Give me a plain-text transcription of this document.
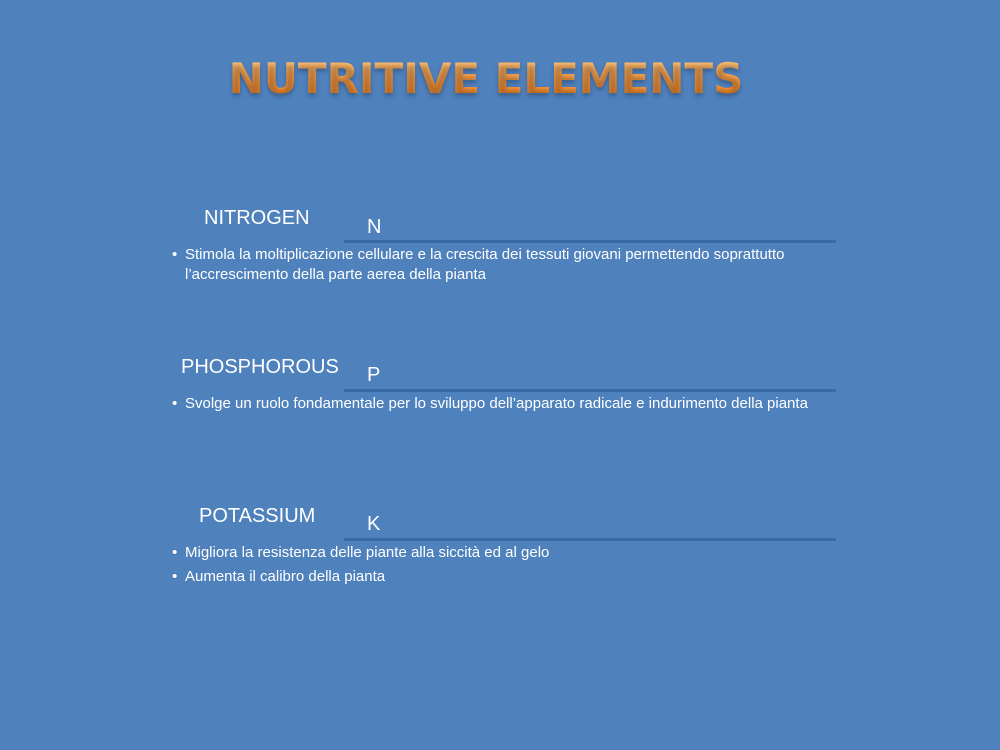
NUTRITIVE ELEMENTS
NITROGEN	N
• Stimola la moltiplicazione cellulare e la crescita dei tessuti giovani permettendo soprattutto l’accrescimento della parte aerea della pianta
PHOSPHOROUS P
• Svolge un ruolo fondamentale per lo sviluppo dell’apparato radicale e indurimento della pianta
POTASSIUM	K
• Migliora la resistenza delle piante alla siccità ed al gelo
• Aumenta il calibro della pianta
